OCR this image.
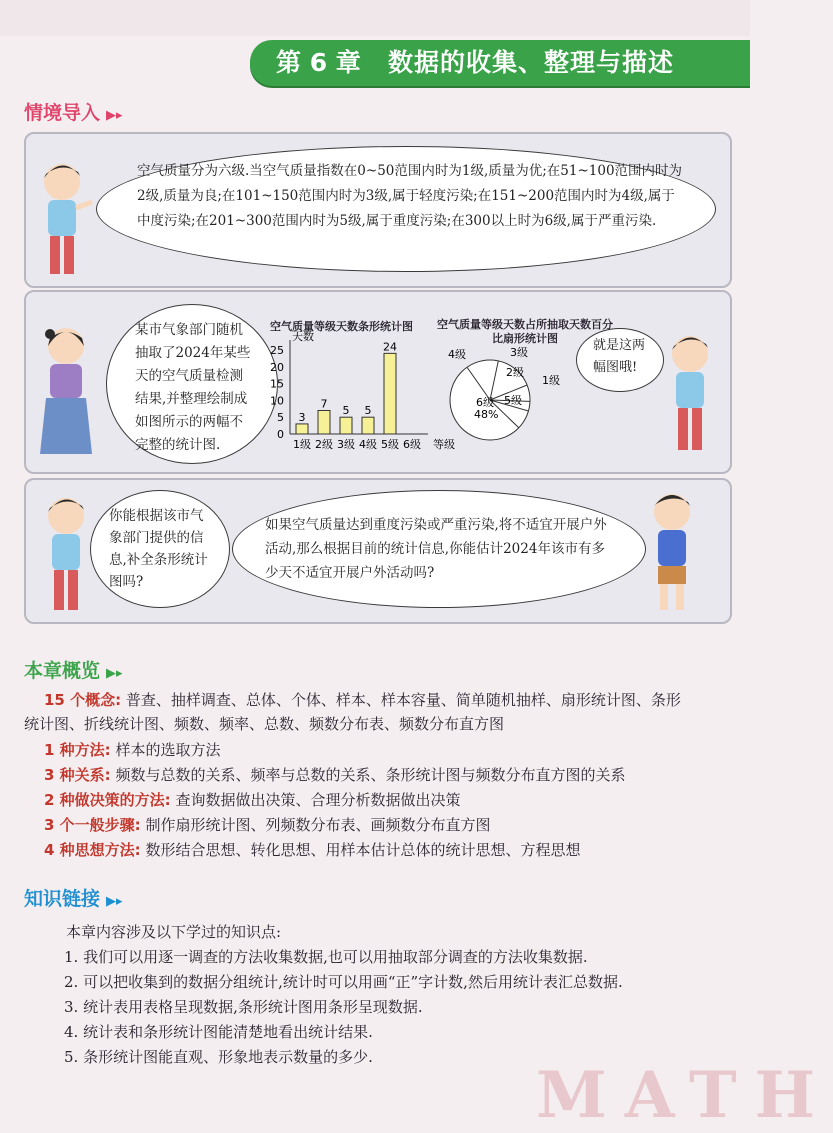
第 6 章 数据的收集、整理与描述
情境导入 ▶▸
空气质量分为六级.当空气质量指数在0~50范围内时为1级,质量为优;在51~100范围内时为2级,质量为良;在101~150范围内时为3级,属于轻度污染;在151~200范围内时为4级,属于中度污染;在201~300范围内时为5级,属于重度污染;在300以上时为6级,属于严重污染.
某市气象部门随机抽取了2024年某些天的空气质量检测结果,并整理绘制成如图所示的两幅不完整的统计图.
空气质量等级天数条形统计图
天数
0
5
10
15
20
25
1级
3
2级
7
3级
5
4级
5
5级
24
6级 等级
空气质量等级天数占所抽取天数百分比扇形统计图
1级
2级
3级
4级
5级
6级
48%
就是这两幅图哦!
你能根据该市气象部门提供的信息,补全条形统计图吗?
如果空气质量达到重度污染或严重污染,将不适宜开展户外活动,那么根据目前的统计信息,你能估计2024年该市有多少天不适宜开展户外活动吗?
本章概览 ▶▸
15 个概念: 普查、抽样调查、总体、个体、样本、样本容量、简单随机抽样、扇形统计图、条形统计图、折线统计图、频数、频率、总数、频数分布表、频数分布直方图
1 种方法: 样本的选取方法
3 种关系: 频数与总数的关系、频率与总数的关系、条形统计图与频数分布直方图的关系
2 种做决策的方法: 查询数据做出决策、合理分析数据做出决策
3 个一般步骤: 制作扇形统计图、列频数分布表、画频数分布直方图
4 种思想方法: 数形结合思想、转化思想、用样本估计总体的统计思想、方程思想
知识链接 ▶▸
本章内容涉及以下学过的知识点:
1. 我们可以用逐一调查的方法收集数据,也可以用抽取部分调查的方法收集数据.
2. 可以把收集到的数据分组统计,统计时可以用画“正”字计数,然后用统计表汇总数据.
3. 统计表用表格呈现数据,条形统计图用条形呈现数据.
4. 统计表和条形统计图能清楚地看出统计结果.
5. 条形统计图能直观、形象地表示数量的多少.
MATH
